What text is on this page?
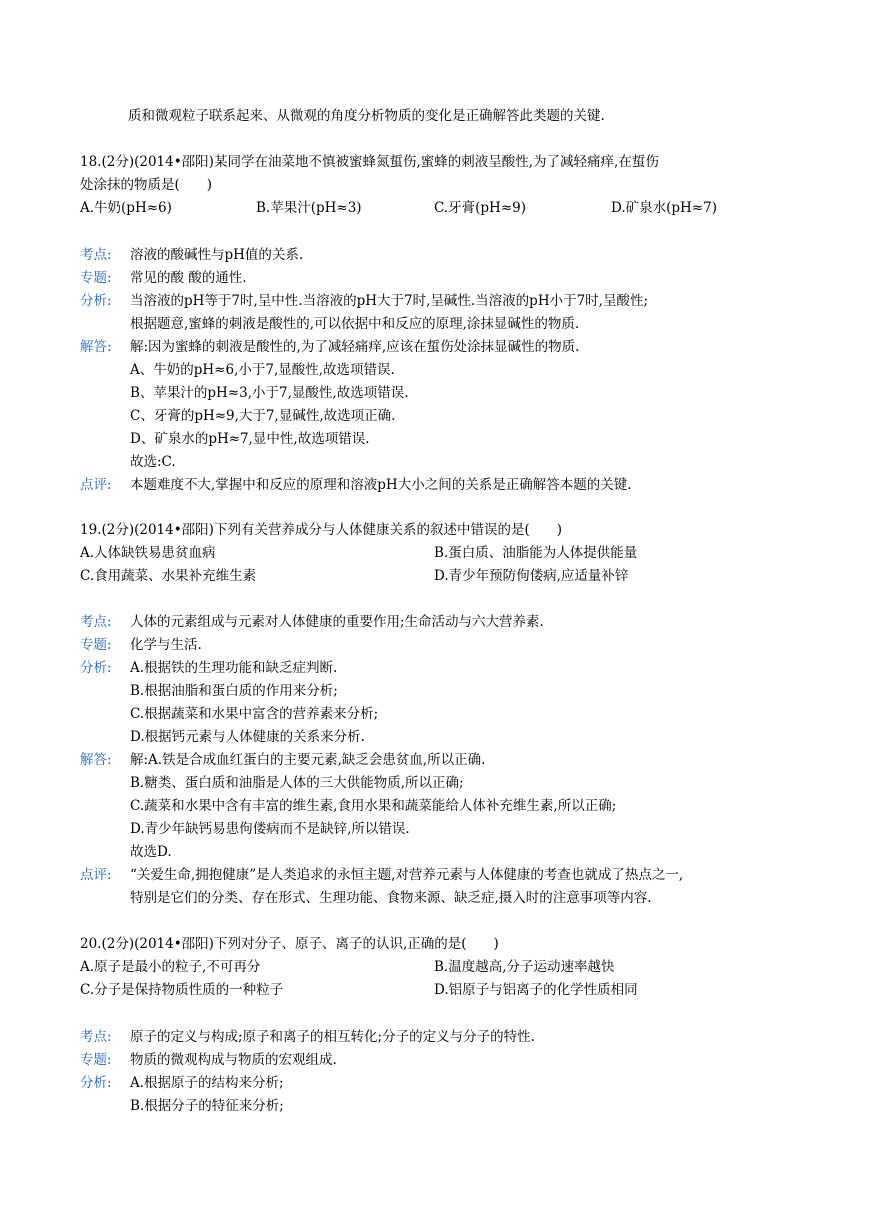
质和微观粒子联系起来、从微观的角度分析物质的变化是正确解答此类题的关键.
18.(2分)(2014•邵阳)某同学在油菜地不慎被蜜蜂氮蜇伤,蜜蜂的刺液呈酸性,为了减轻痛痒,在蜇伤
处涂抹的物质是(　　)
A.牛奶(pH≈6)	B.苹果汁(pH≈3)	C.牙膏(pH≈9)	D.矿泉水(pH≈7)
考点: 溶液的酸碱性与pH值的关系.
专题: 常见的酸 酸的通性.
分析: 当溶液的pH等于7时,呈中性.当溶液的pH大于7时,呈碱性.当溶液的pH小于7时,呈酸性;
根据题意,蜜蜂的刺液是酸性的,可以依据中和反应的原理,涂抹显碱性的物质.
解答: 解:因为蜜蜂的刺液是酸性的,为了减轻痛痒,应该在蜇伤处涂抹显碱性的物质.
A、牛奶的pH≈6,小于7,显酸性,故选项错误.
B、苹果汁的pH≈3,小于7,显酸性,故选项错误.
C、牙膏的pH≈9,大于7,显碱性,故选项正确.
D、矿泉水的pH≈7,显中性,故选项错误.
故选:C.
点评: 本题难度不大,掌握中和反应的原理和溶液pH大小之间的关系是正确解答本题的关键.
19.(2分)(2014•邵阳)下列有关营养成分与人体健康关系的叙述中错误的是(　　)
A.人体缺铁易患贫血病	B.蛋白质、油脂能为人体提供能量
C.食用蔬菜、水果补充维生素	D.青少年预防佝偻病,应适量补锌
考点: 人体的元素组成与元素对人体健康的重要作用;生命活动与六大营养素.
专题: 化学与生活.
分析: A.根据铁的生理功能和缺乏症判断.
B.根据油脂和蛋白质的作用来分析;
C.根据蔬菜和水果中富含的营养素来分析;
D.根据钙元素与人体健康的关系来分析.
解答: 解:A.铁是合成血红蛋白的主要元素,缺乏会患贫血,所以正确.
B.糖类、蛋白质和油脂是人体的三大供能物质,所以正确;
C.蔬菜和水果中含有丰富的维生素,食用水果和蔬菜能给人体补充维生素,所以正确;
D.青少年缺钙易患佝偻病而不是缺锌,所以错误.
故选D.
点评: “关爱生命,拥抱健康”是人类追求的永恒主题,对营养元素与人体健康的考查也就成了热点之一,
特别是它们的分类、存在形式、生理功能、食物来源、缺乏症,摄入时的注意事项等内容.
20.(2分)(2014•邵阳)下列对分子、原子、离子的认识,正确的是(　　)
A.原子是最小的粒子,不可再分	B.温度越高,分子运动速率越快
C.分子是保持物质性质的一种粒子	D.铝原子与铝离子的化学性质相同
考点: 原子的定义与构成;原子和离子的相互转化;分子的定义与分子的特性.
专题: 物质的微观构成与物质的宏观组成.
分析: A.根据原子的结构来分析;
B.根据分子的特征来分析;
